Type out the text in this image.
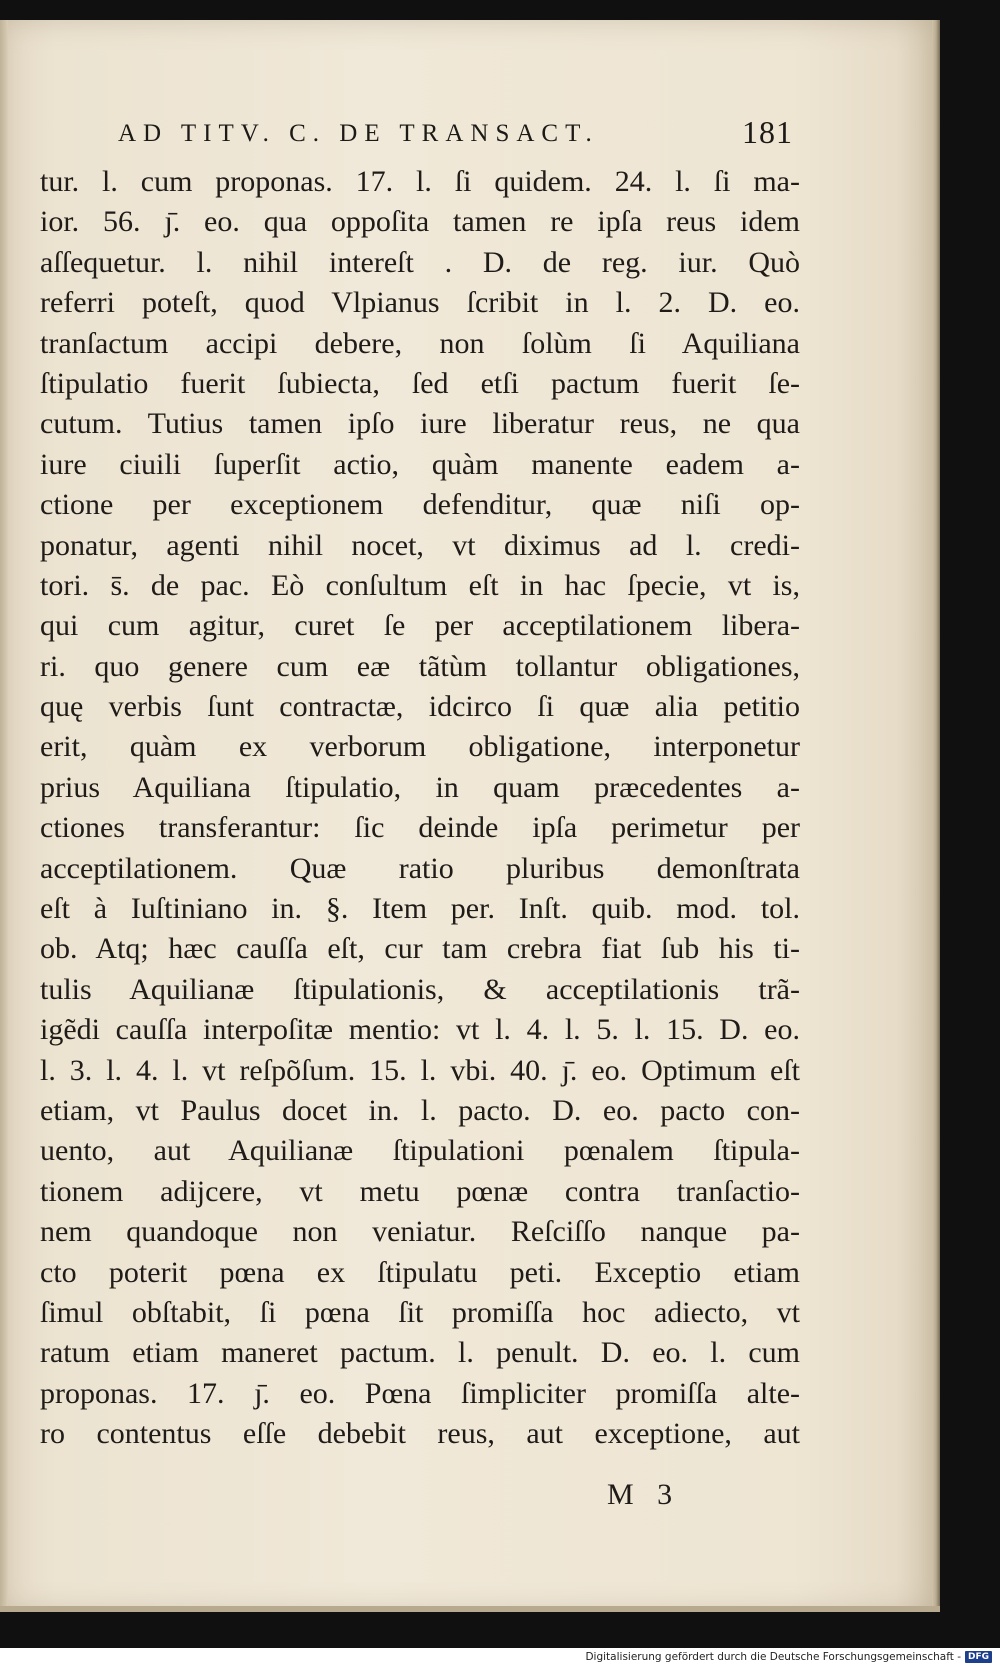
AD TITV. C. DE TRANSACT.	181
tur. l. cum proponas. 17. l. ſi quidem. 24. l. ſi ma-
ior. 56. ȷ̄. eo. qua oppoſita tamen re ipſa reus idem
aſſequetur. l. nihil intereſt . D. de reg. iur. Quò
referri poteſt, quod Vlpianus ſcribit in l. 2. D. eo.
tranſactum accipi debere, non ſolùm ſi Aquiliana
ſtipulatio fuerit ſubiecta, ſed etſi pactum fuerit ſe-
cutum. Tutius tamen ipſo iure liberatur reus, ne qua
iure ciuili ſuperſit actio, quàm manente eadem a-
ctione per exceptionem defenditur, quæ niſi op-
ponatur, agenti nihil nocet, vt diximus ad l. credi-
tori. s̄. de pac. Eò conſultum eſt in hac ſpecie, vt is,
qui cum agitur, curet ſe per acceptilationem libera-
ri. quo genere cum eæ tãtùm tollantur obligationes,
quę verbis ſunt contractæ, idcirco ſi quæ alia petitio
erit, quàm ex verborum obligatione, interponetur
prius Aquiliana ſtipulatio, in quam præcedentes a-
ctiones transferantur: ſic deinde ipſa perimetur per
acceptilationem. Quæ ratio pluribus demonſtrata
eſt à Iuſtiniano in. §. Item per. Inſt. quib. mod. tol.
ob. Atq; hæc cauſſa eſt, cur tam crebra fiat ſub his ti-
tulis Aquilianæ ſtipulationis, & acceptilationis trã-
igẽdi cauſſa interpoſitæ mentio: vt l. 4. l. 5. l. 15. D. eo.
l. 3. l. 4. l. vt reſpõſum. 15. l. vbi. 40. ȷ̄. eo. Optimum eſt
etiam, vt Paulus docet in. l. pacto. D. eo. pacto con-
uento, aut Aquilianæ ſtipulationi pœnalem ſtipula-
tionem adijcere, vt metu pœnæ contra tranſactio-
nem quandoque non veniatur. Reſciſſo nanque pa-
cto poterit pœna ex ſtipulatu peti. Exceptio etiam
ſimul obſtabit, ſi pœna ſit promiſſa hoc adiecto, vt
ratum etiam maneret pactum. l. penult. D. eo. l. cum
proponas. 17. ȷ̄. eo. Pœna ſimpliciter promiſſa alte-
ro contentus eſſe debebit reus, aut exceptione, aut
M 3
Digitalisierung gefördert durch die Deutsche Forschungsgemeinschaft - DFG
